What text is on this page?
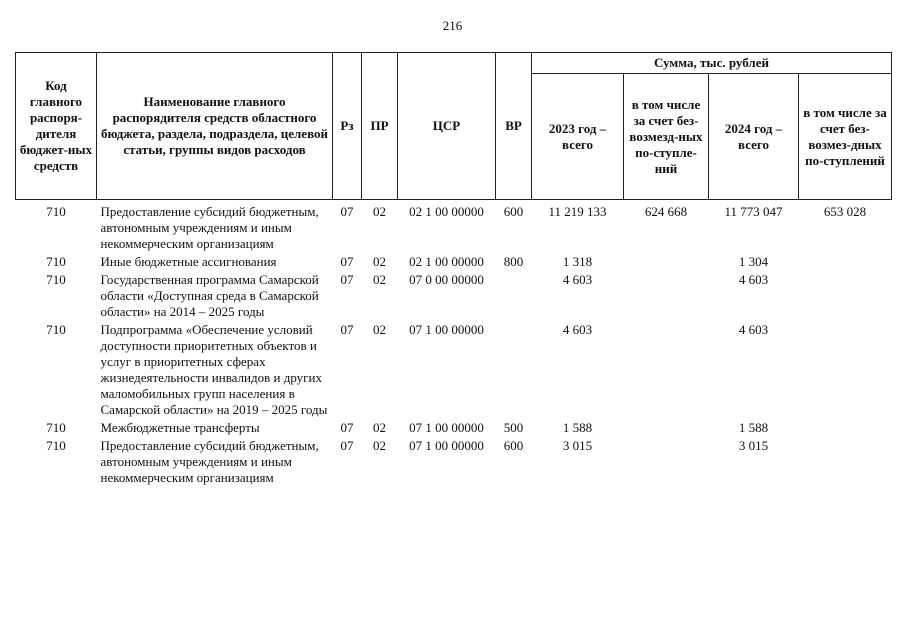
216
Код главного распоря-дителя бюджет-ных средств	Наименование главного распорядителя средств областного бюджета, раздела, подраздела, целевой статьи, группы видов расходов	Рз	ПР	ЦСР	ВР	Сумма, тыс. рублей			
						2023 год – всего	в том числе за счет без-возмезд-ных по-ступле-ний	2024 год – всего	в том числе за счет без-возмез-дных по-ступлений
710	Предоставление субсидий бюджетным, автономным учреждениям и иным некоммерческим организациям	07	02	02 1 00 00000	600	11 219 133	624 668	11 773 047	653 028
710	Иные бюджетные ассигнования	07	02	02 1 00 00000	800	1 318		1 304	
710	Государственная программа Самарской области «Доступная среда в Самарской области» на 2014 – 2025 годы	07	02	07 0 00 00000		4 603		4 603	
710	Подпрограмма «Обеспечение условий доступности приоритетных объектов и услуг в приоритетных сферах жизнедеятельности инвалидов и других маломобильных групп населения в Самарской области» на 2019 – 2025 годы	07	02	07 1 00 00000		4 603		4 603	
710	Межбюджетные трансферты	07	02	07 1 00 00000	500	1 588		1 588	
710	Предоставление субсидий бюджетным, автономным учреждениям и иным некоммерческим организациям	07	02	07 1 00 00000	600	3 015		3 015	
